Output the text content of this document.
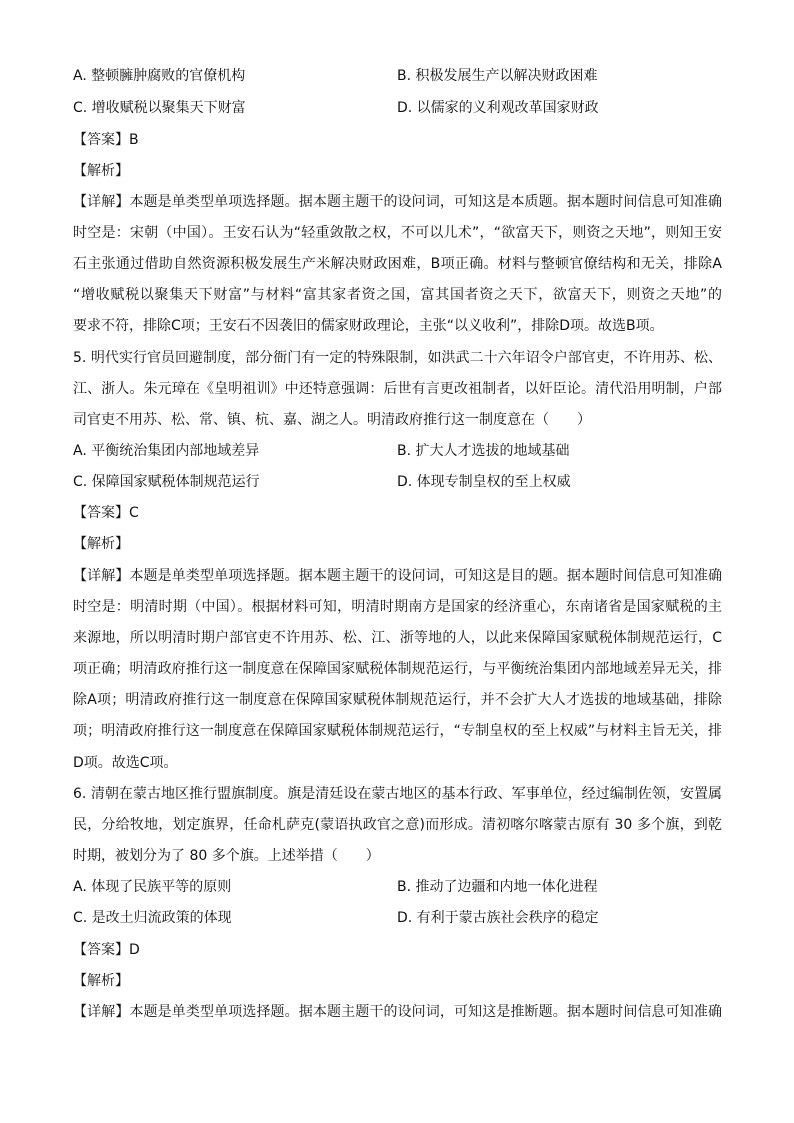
A. 整顿臃肿腐败的官僚机构	B. 积极发展生产以解决财政困难
C. 增收赋税以聚集天下财富	D. 以儒家的义利观改革国家财政
【答案】B
【解析】
【详解】本题是单类型单项选择题。据本题主题干的设问词，可知这是本质题。据本题时间信息可知准确
时空是：宋朝（中国）。王安石认为“轻重敛散之权，不可以儿术”，“欲富天下，则资之天地”，则知王安
石主张通过借助自然资源积极发展生产米解决财政困难，B项正确。材料与整顿官僚结构和无关，排除A
“增收赋税以聚集天下财富”与材料“富其家者资之国，富其国者资之天下，欲富天下，则资之天地”的
要求不符，排除C项；王安石不因袭旧的儒家财政理论，主张“以义收利”，排除D项。故选B项。
5. 明代实行官员回避制度，部分衙门有一定的特殊限制，如洪武二十六年诏令户部官吏，不许用苏、松、
江、浙人。朱元璋在《皇明祖训》中还特意强调：后世有言更改祖制者，以奸臣论。清代沿用明制，户部
司官吏不用苏、松、常、镇、杭、嘉、湖之人。明清政府推行这一制度意在（　　）
A. 平衡统治集团内部地域差异	B. 扩大人才选拔的地域基础
C. 保障国家赋税体制规范运行	D. 体现专制皇权的至上权威
【答案】C
【解析】
【详解】本题是单类型单项选择题。据本题主题干的设问词，可知这是目的题。据本题时间信息可知准确
时空是：明清时期（中国）。根据材料可知，明清时期南方是国家的经济重心，东南诸省是国家赋税的主
来源地，所以明清时期户部官吏不许用苏、松、江、浙等地的人，以此来保障国家赋税体制规范运行，C
项正确；明清政府推行这一制度意在保障国家赋税体制规范运行，与平衡统治集团内部地域差异无关，排
除A项；明清政府推行这一制度意在保障国家赋税体制规范运行，并不会扩大人才选拔的地域基础，排除
项；明清政府推行这一制度意在保障国家赋税体制规范运行，“专制皇权的至上权威”与材料主旨无关，排
D项。故选C项。
6. 清朝在蒙古地区推行盟旗制度。旗是清廷设在蒙古地区的基本行政、军事单位，经过编制佐领，安置属
民，分给牧地，划定旗界，任命札萨克(蒙语执政官之意)而形成。清初喀尔喀蒙古原有 30 多个旗，到乾
时期，被划分为了 80 多个旗。上述举措（　　）
A. 体现了民族平等的原则	B. 推动了边疆和内地一体化进程
C. 是改土归流政策的体现	D. 有利于蒙古族社会秩序的稳定
【答案】D
【解析】
【详解】本题是单类型单项选择题。据本题主题干的设问词，可知这是推断题。据本题时间信息可知准确
